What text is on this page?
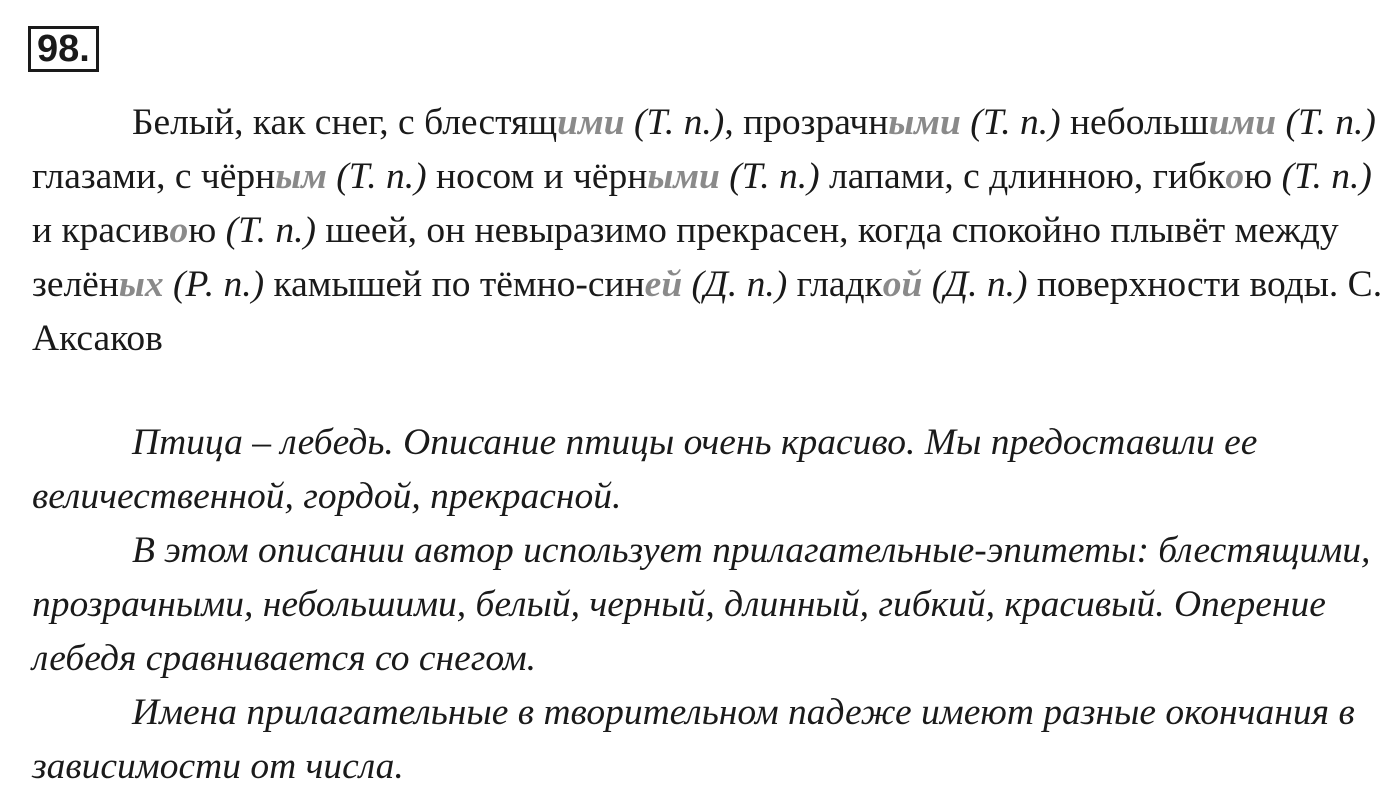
98.

Белый, как снег, с блестящими (Т. п.), прозрачными (Т. п.) небольшими (Т. п.) глазами, с чёрным (Т. п.) носом и чёрными (Т. п.) лапами, с длинною, гибкою (Т. п.) и красивою (Т. п.) шеей, он невыразимо прекрасен, когда спокойно плывёт между зелёных (Р. п.) камышей по тёмно-синей (Д. п.) гладкой (Д. п.) поверхности воды. С. Аксаков

Птица – лебедь. Описание птицы очень красиво. Мы предоставили ее величественной, гордой, прекрасной.

В этом описании автор использует прилагательные-эпитеты: блестящими, прозрачными, небольшими, белый, черный, длинный, гибкий, красивый. Оперение лебедя сравнивается со снегом.

Имена прилагательные в творительном падеже имеют разные окончания в зависимости от числа.
